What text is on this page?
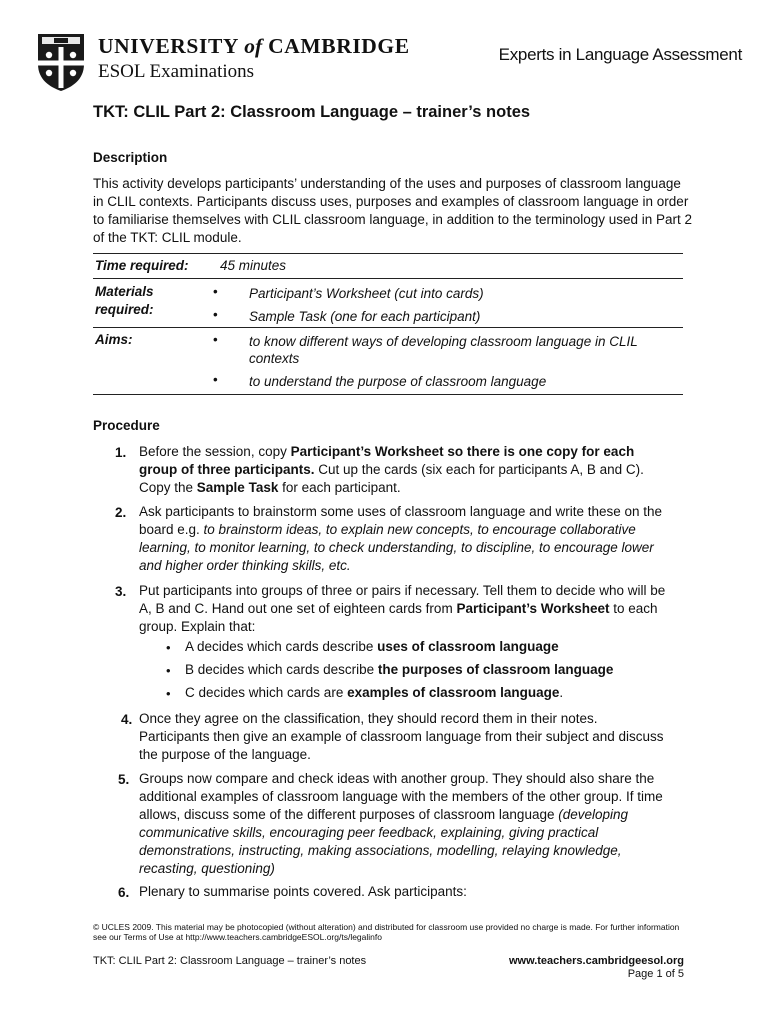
UNIVERSITY of CAMBRIDGE
ESOL Examinations
Experts in Language Assessment
TKT: CLIL Part 2: Classroom Language – trainer’s notes
Description
This activity develops participants’ understanding of the uses and purposes of classroom language in CLIL contexts. Participants discuss uses, purposes and examples of classroom language in order to familiarise themselves with CLIL classroom language, in addition to the terminology used in Part 2 of the TKT: CLIL module.
Time required: 45 minutes
Materials required:
• Participant’s Worksheet (cut into cards)
• Sample Task (one for each participant)
Aims:	• to know different ways of developing classroom language in CLIL contexts
• to understand the purpose of classroom language
Procedure
1. Before the session, copy Participant’s Worksheet so there is one copy for each group of three participants. Cut up the cards (six each for participants A, B and C). Copy the Sample Task for each participant.
2. Ask participants to brainstorm some uses of classroom language and write these on the board e.g. to brainstorm ideas, to explain new concepts, to encourage collaborative learning, to monitor learning, to check understanding, to discipline, to encourage lower and higher order thinking skills, etc.
3. Put participants into groups of three or pairs if necessary. Tell them to decide who will be A, B and C. Hand out one set of eighteen cards from Participant’s Worksheet to each group. Explain that:
• A decides which cards describe uses of classroom language
• B decides which cards describe the purposes of classroom language
• C decides which cards are examples of classroom language.
4. Once they agree on the classification, they should record them in their notes. Participants then give an example of classroom language from their subject and discuss the purpose of the language.
5. Groups now compare and check ideas with another group. They should also share the additional examples of classroom language with the members of the other group. If time allows, discuss some of the different purposes of classroom language (developing communicative skills, encouraging peer feedback, explaining, giving practical demonstrations, instructing, making associations, modelling, relaying knowledge, recasting, questioning)
6. Plenary to summarise points covered. Ask participants:
© UCLES 2009. This material may be photocopied (without alteration) and distributed for classroom use provided no charge is made. For further information see our Terms of Use at http://www.teachers.cambridgeESOL.org/ts/legalinfo
TKT: CLIL Part 2: Classroom Language – trainer’s notes	www.teachers.cambridgeesol.org
Page 1 of 5
